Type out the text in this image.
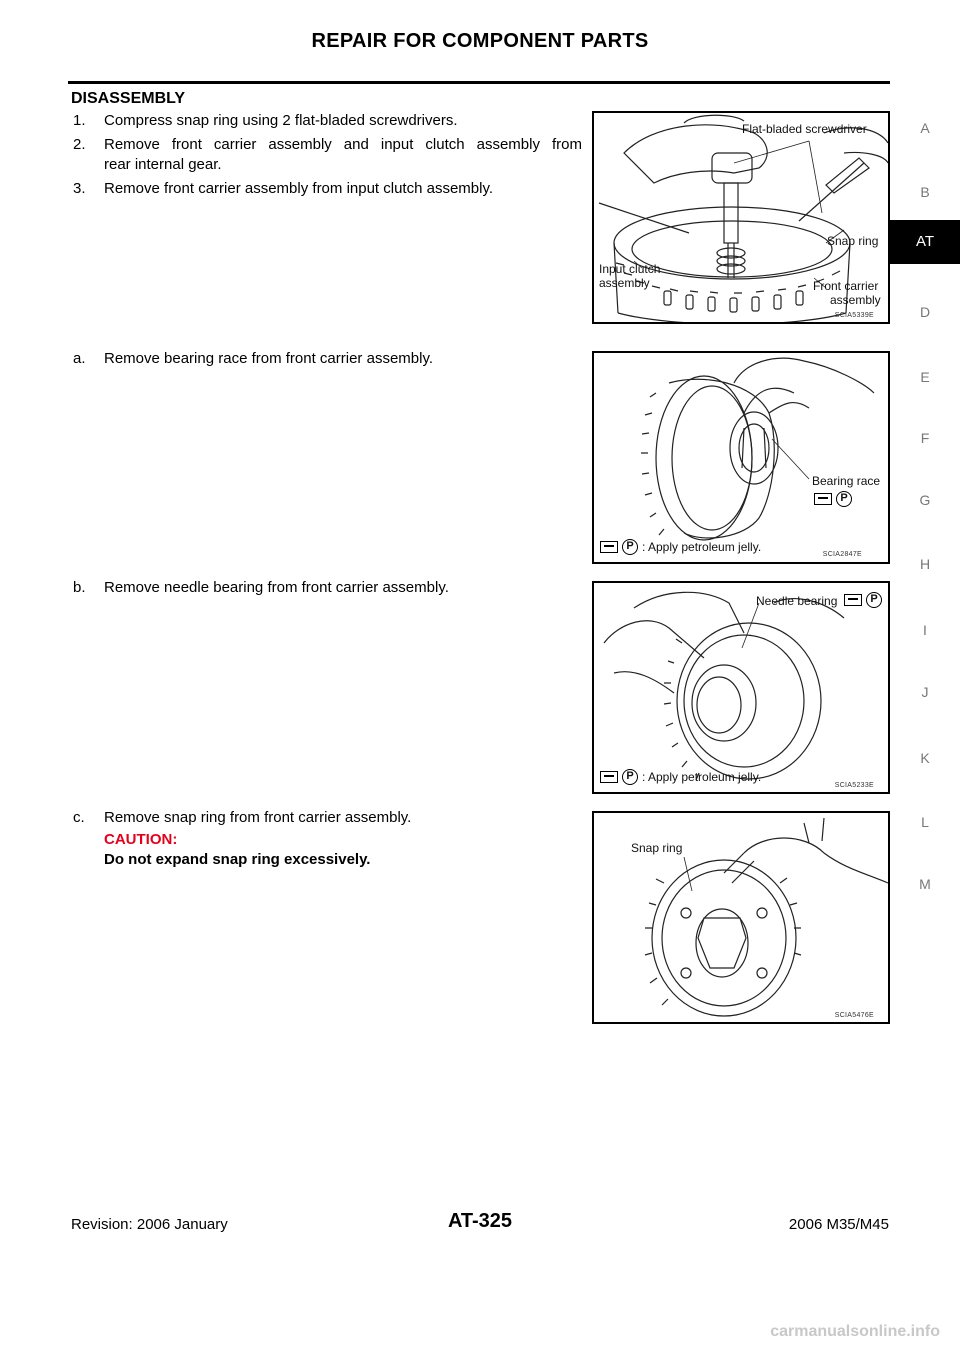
REPAIR FOR COMPONENT PARTS
A
B
AT
D
E
F
G
H
I
J
K
L
M
DISASSEMBLY
1. Compress snap ring using 2 flat-bladed screwdrivers.
2. Remove front carrier assembly and input clutch assembly from
rear internal gear.
3. Remove front carrier assembly from input clutch assembly.
a. Remove bearing race from front carrier assembly.
b. Remove needle bearing from front carrier assembly.
c. Remove snap ring from front carrier assembly.
CAUTION:
Do not expand snap ring excessively.
Flat-bladed screwdriver
Snap ring
Input clutch
assembly	Front carrier
assembly
SCIA5339E
Bearing race
P
P : Apply petroleum jelly.
SCIA2847E
Needle bearing	P
P : Apply petroleum jelly.
SCIA5233E
Snap ring
SCIA5476E
Revision: 2006 January	AT-325	2006 M35/M45
carmanualsonline.info
